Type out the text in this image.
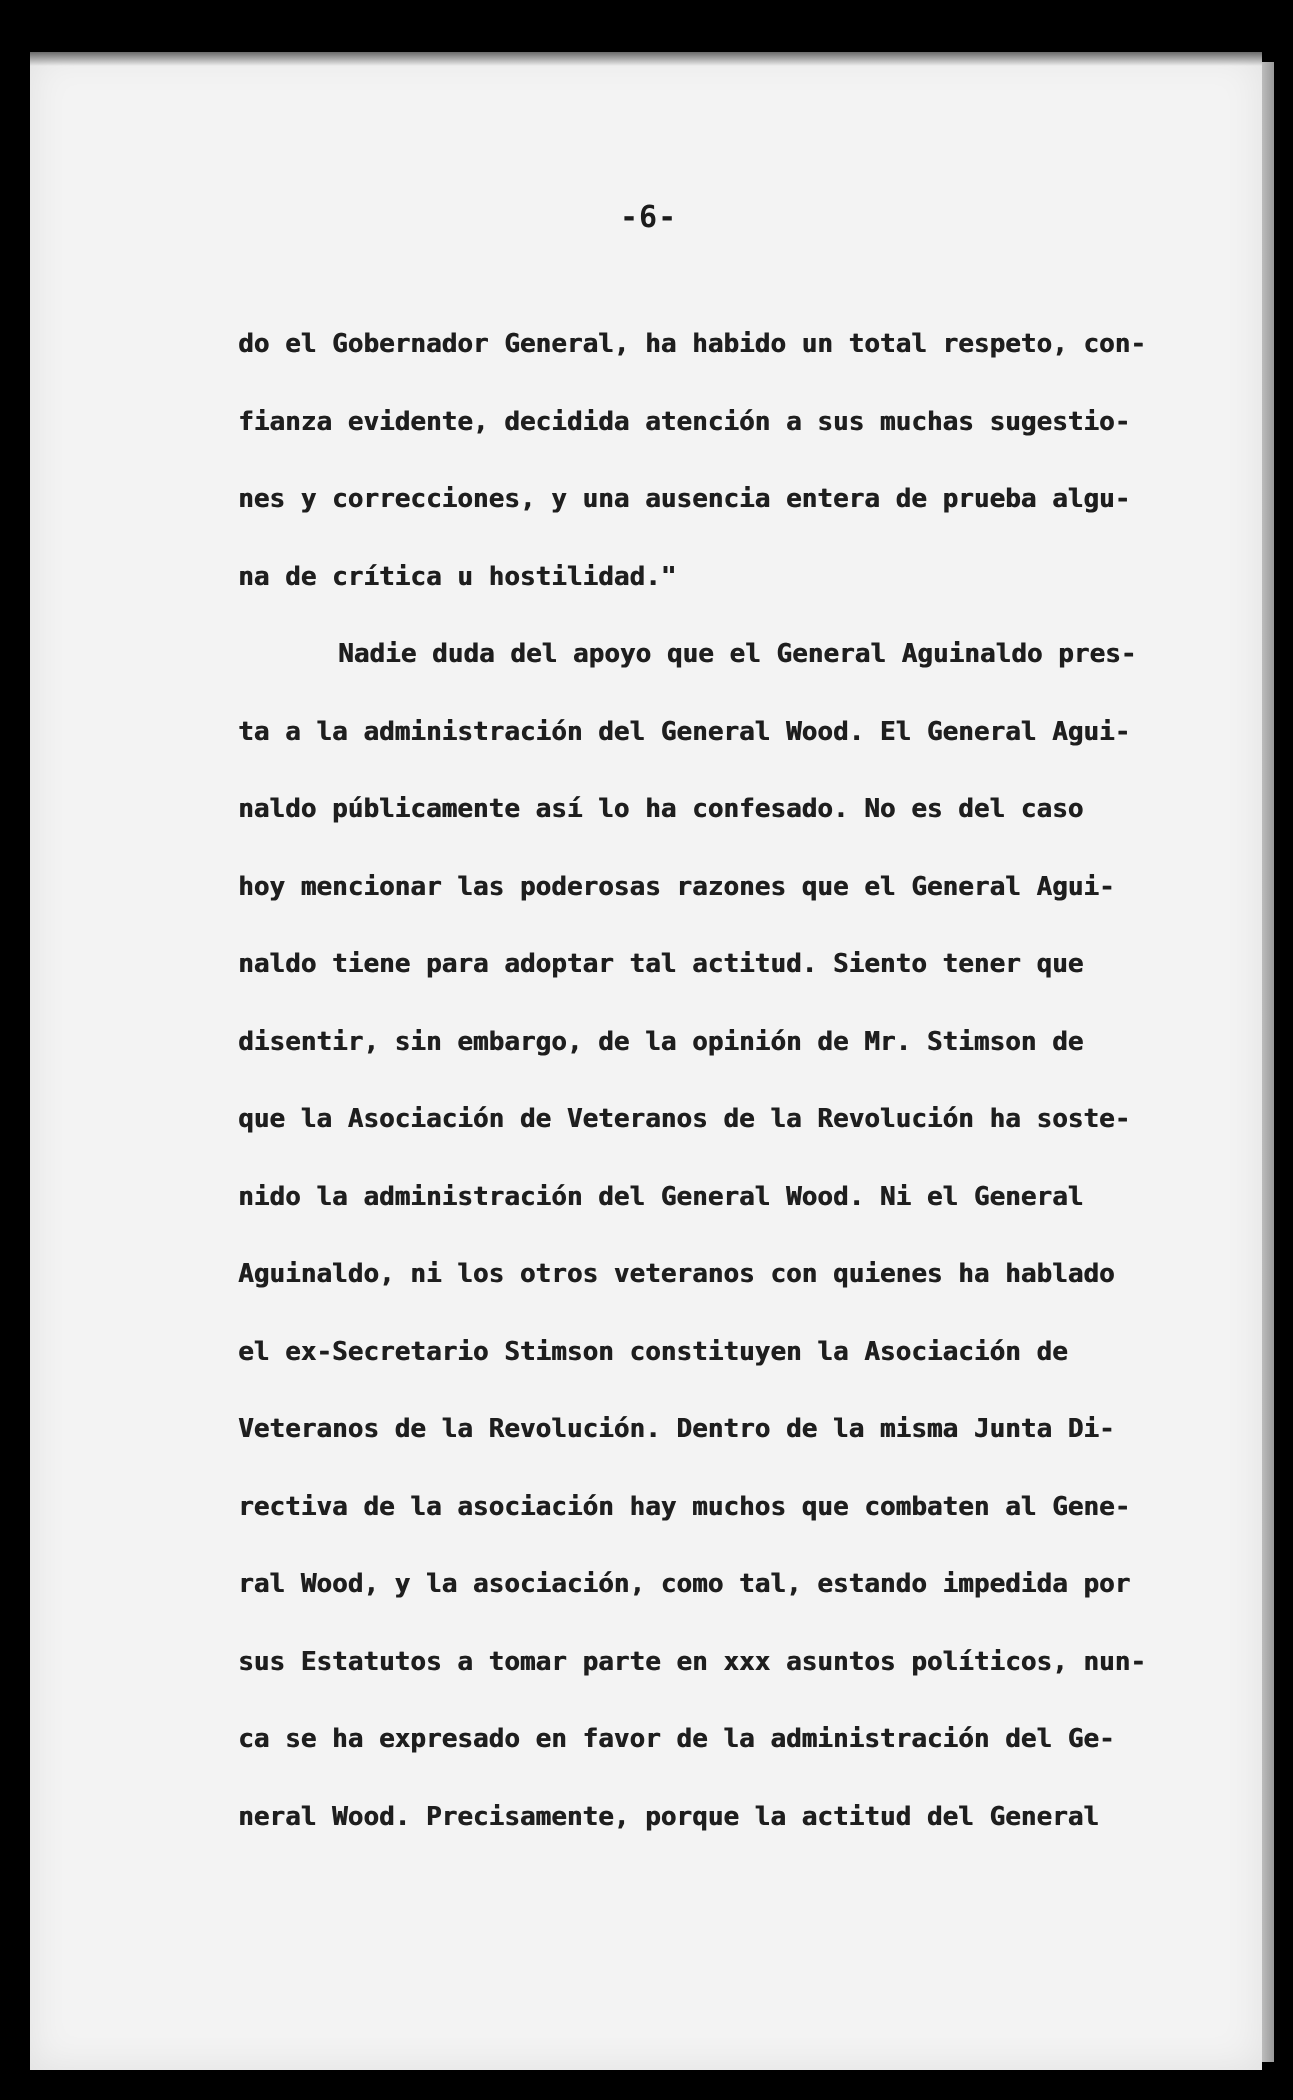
-6-
do el Gobernador General, ha habido un total respeto, con-
fianza evidente, decidida atención a sus muchas sugestio-
nes y correcciones, y una ausencia entera de prueba algu-
na de crítica u hostilidad."
Nadie duda del apoyo que el General Aguinaldo pres-
ta a la administración del General Wood. El General Agui-
naldo públicamente así lo ha confesado. No es del caso
hoy mencionar las poderosas razones que el General Agui-
naldo tiene para adoptar tal actitud. Siento tener que
disentir, sin embargo, de la opinión de Mr. Stimson de
que la Asociación de Veteranos de la Revolución ha soste-
nido la administración del General Wood. Ni el General
Aguinaldo, ni los otros veteranos con quienes ha hablado
el ex-Secretario Stimson constituyen la Asociación de
Veteranos de la Revolución. Dentro de la misma Junta Di-
rectiva de la asociación hay muchos que combaten al Gene-
ral Wood, y la asociación, como tal, estando impedida por
sus Estatutos a tomar parte en xxx asuntos políticos, nun-
ca se ha expresado en favor de la administración del Ge-
neral Wood. Precisamente, porque la actitud del General
